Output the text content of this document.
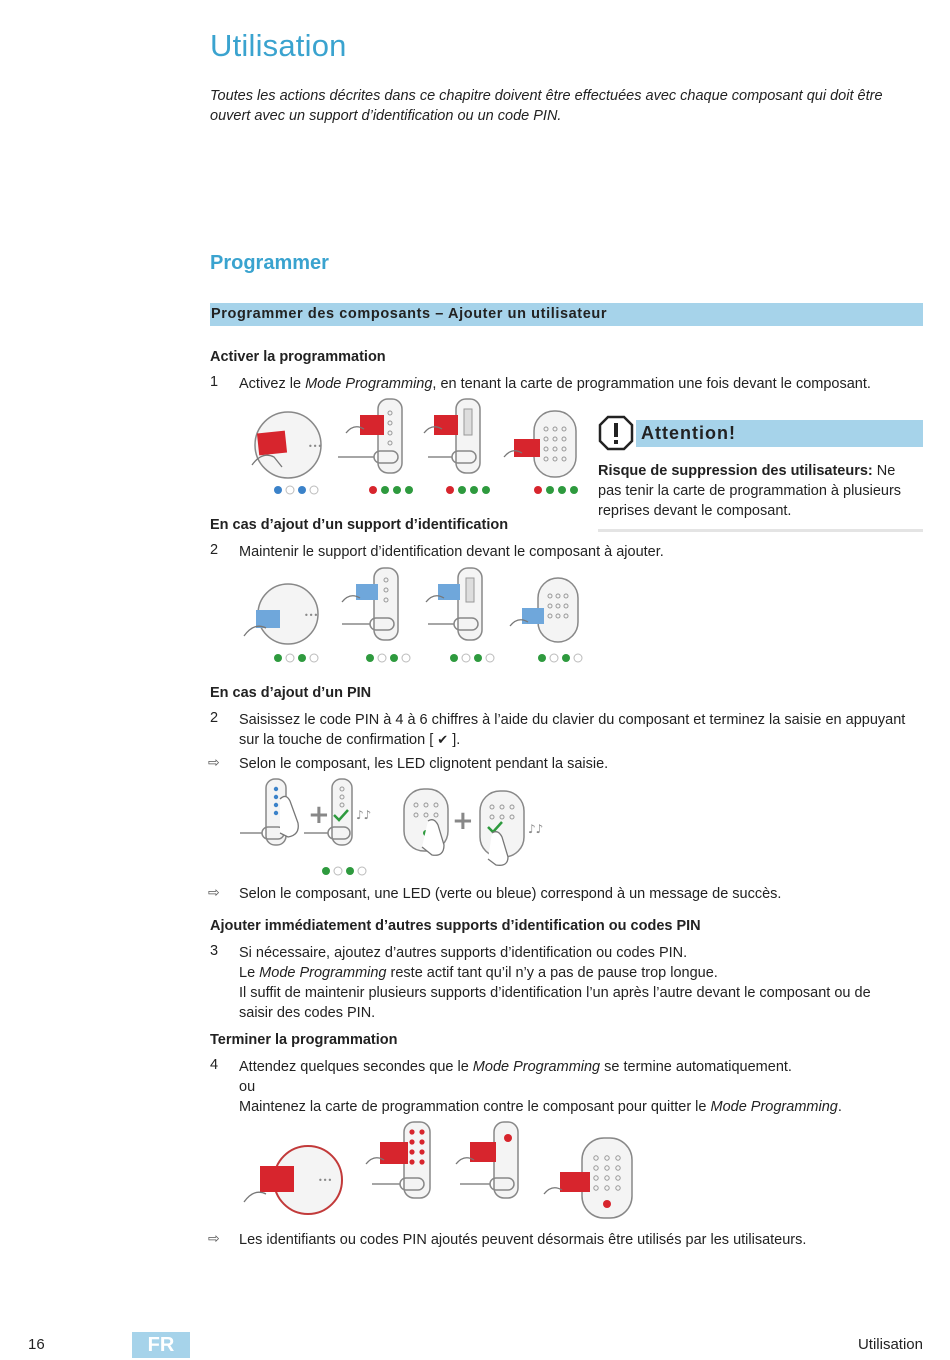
Utilisation
Toutes les actions décrites dans ce chapitre doivent être effectuées avec chaque composant qui doit être ouvert avec un support d’identification ou un code PIN.
Programmer
Programmer des composants – Ajouter un utilisateur
Activer la programmation
1 Activez le Mode Programming, en tenant la carte de programmation une fois devant le composant.
•••
Attention!
Risque de suppression des utilisateurs: Ne pas tenir la carte de programmation à plusieurs reprises devant le composant.
En cas d’ajout d’un support d’identification
2 Maintenir le support d’identification devant le composant à ajouter.
•••
En cas d’ajout d’un PIN
2 Saisissez le code PIN à 4 à 6 chiffres à l’aide du clavier du composant et terminez la saisie en appuyant
sur la touche de confirmation [ ✔ ].
⇨ Selon le composant, les LED clignotent pendant la saisie.
+ ♪♪	+	♪♪
⇨ Selon le composant, une LED (verte ou bleue) correspond à un message de succès.
Ajouter immédiatement d’autres supports d’identification ou codes PIN
3 Si nécessaire, ajoutez d’autres supports d’identification ou codes PIN.
Le Mode Programming reste actif tant qu’il n’y a pas de pause trop longue.
Il suffit de maintenir plusieurs supports d’identification l’un après l’autre devant le composant ou de
saisir des codes PIN.
Terminer la programmation
4 Attendez quelques secondes que le Mode Programming se termine automatiquement.
ou
Maintenez la carte de programmation contre le composant pour quitter le Mode Programming.
•••
⇨ Les identifiants ou codes PIN ajoutés peuvent désormais être utilisés par les utilisateurs.
16	FR	Utilisation
